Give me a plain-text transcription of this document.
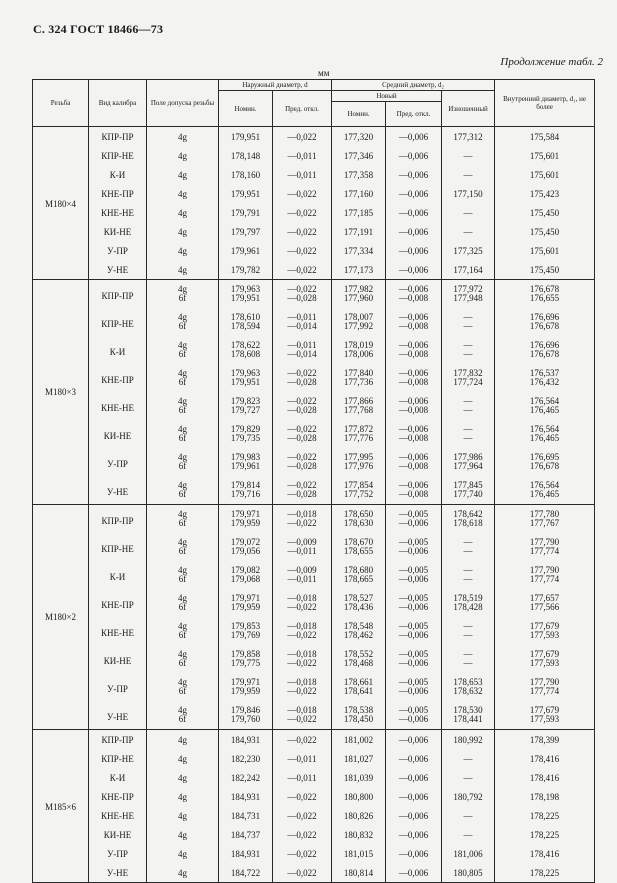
С. 324 ГОСТ 18466—73
Продолжение табл. 2
мм
Резьба	Вид калибра	Поле допуска резьбы	Наружный диаметр, d		Средний диаметр, d₂			Внутренний диаметр, d₁, не более
			Номин.	Пред. откл.	Новый		Изношенный	
					Номин.	Пред. откл.		
М180×4	КПР-ПР	4g	179,951	—0,022	177,320	—0,006	177,312	175,584
	КПР-НЕ	4g	178,148	—0,011	177,346	—0,006	—	175,601
	К-И	4g	178,160	—0,011	177,358	—0,006	—	175,601
	КНЕ-ПР	4g	179,951	—0,022	177,160	—0,006	177,150	175,423
	КНЕ-НЕ	4g	179,791	—0,022	177,185	—0,006	—	175,450
	КИ-НЕ	4g	179,797	—0,022	177,191	—0,006	—	175,450
	У-ПР	4g	179,961	—0,022	177,334	—0,006	177,325	175,601
	У-НЕ	4g	179,782	—0,022	177,173	—0,006	177,164	175,450
М180×3	КПР-ПР	4g	179,963	—0,022	177,982	—0,006	177,972	176,678
		6f	179,951	—0,028	177,960	—0,008	177,948	176,655
	КПР-НЕ	4g	178,610	—0,011	178,007	—0,006	—	176,696
		6f	178,594	—0,014	177,992	—0,008	—	176,678
	К-И	4g	178,622	—0,011	178,019	—0,006	—	176,696
		6f	178,608	—0,014	178,006	—0,008	—	176,678
	КНЕ-ПР	4g	179,963	—0,022	177,840	—0,006	177,832	176,537
		6f	179,951	—0,028	177,736	—0,008	177,724	176,432
	КНЕ-НЕ	4g	179,823	—0,022	177,866	—0,006	—	176,564
		6f	179,727	—0,028	177,768	—0,008	—	176,465
	КИ-НЕ	4g	179,829	—0,022	177,872	—0,006	—	176,564
		6f	179,735	—0,028	177,776	—0,008	—	176,465
	У-ПР	4g	179,983	—0,022	177,995	—0,006	177,986	176,695
		6f	179,961	—0,028	177,976	—0,008	177,964	176,678
	У-НЕ	4g	179,814	—0,022	177,854	—0,006	177,845	176,564
		6f	179,716	—0,028	177,752	—0,008	177,740	176,465
М180×2	КПР-ПР	4g	179,971	—0,018	178,650	—0,005	178,642	177,780
		6f	179,959	—0,022	178,630	—0,006	178,618	177,767
	КПР-НЕ	4g	179,072	—0,009	178,670	—0,005	—	177,790
		6f	179,056	—0,011	178,655	—0,006	—	177,774
	К-И	4g	179,082	—0,009	178,680	—0,005	—	177,790
		6f	179,068	—0,011	178,665	—0,006	—	177,774
	КНЕ-ПР	4g	179,971	—0,018	178,527	—0,005	178,519	177,657
		6f	179,959	—0,022	178,436	—0,006	178,428	177,566
	КНЕ-НЕ	4g	179,853	—0,018	178,548	—0,005	—	177,679
		6f	179,769	—0,022	178,462	—0,006	—	177,593
	КИ-НЕ	4g	179,858	—0,018	178,552	—0,005	—	177,679
		6f	179,775	—0,022	178,468	—0,006	—	177,593
	У-ПР	4g	179,971	—0,018	178,661	—0,005	178,653	177,790
		6f	179,959	—0,022	178,641	—0,006	178,632	177,774
	У-НЕ	4g	179,846	—0,018	178,538	—0,005	178,530	177,679
		6f	179,760	—0,022	178,450	—0,006	178,441	177,593
М185×6	КПР-ПР	4g	184,931	—0,022	181,002	—0,006	180,992	178,399
	КПР-НЕ	4g	182,230	—0,011	181,027	—0,006	—	178,416
	К-И	4g	182,242	—0,011	181,039	—0,006	—	178,416
	КНЕ-ПР	4g	184,931	—0,022	180,800	—0,006	180,792	178,198
	КНЕ-НЕ	4g	184,731	—0,022	180,826	—0,006	—	178,225
	КИ-НЕ	4g	184,737	—0,022	180,832	—0,006	—	178,225
	У-ПР	4g	184,931	—0,022	181,015	—0,006	181,006	178,416
	У-НЕ	4g	184,722	—0,022	180,814	—0,006	180,805	178,225
